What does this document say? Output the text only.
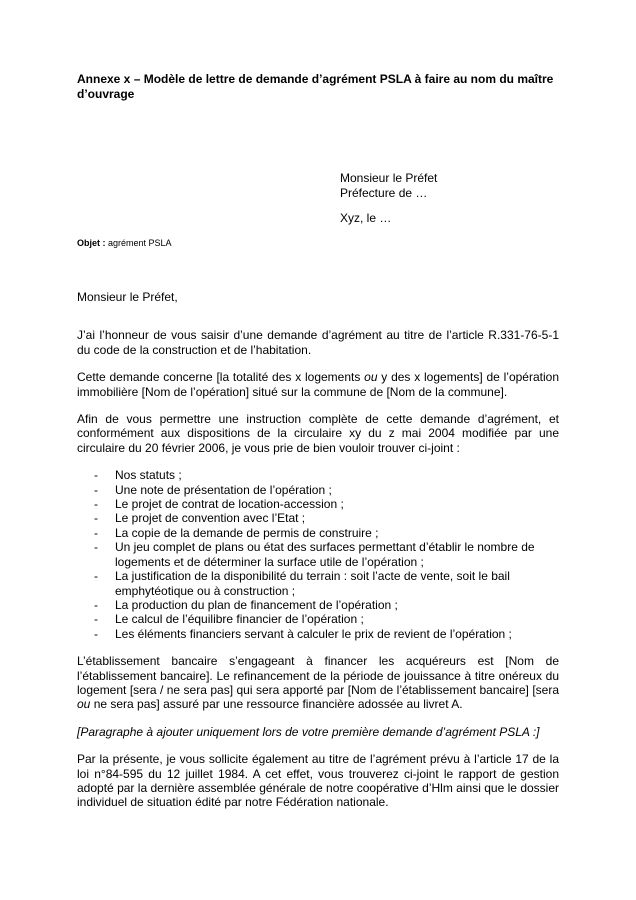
Annexe x – Modèle de lettre de demande d’agrément PSLA à faire au nom du maître d’ouvrage
Monsieur le Préfet
Préfecture de …
Xyz, le …
Objet : agrément PSLA

Monsieur le Préfet,

J’ai l’honneur de vous saisir d’une demande d’agrément au titre de l’article R.331-76-5-1 du code de la construction et de l’habitation.

Cette demande concerne [la totalité des x logements ou y des x logements] de l’opération immobilière [Nom de l’opération] situé sur la commune de [Nom de la commune].

Afin de vous permettre une instruction complète de cette demande d’agrément, et conformément aux dispositions de la circulaire xy du z mai 2004 modifiée par une circulaire du 20 février 2006, je vous prie de bien vouloir trouver ci-joint :

- Nos statuts ;
- Une note de présentation de l’opération ;
- Le projet de contrat de location-accession ;
- Le projet de convention avec l’Etat ;
- La copie de la demande de permis de construire ;
- Un jeu complet de plans ou état des surfaces permettant d’établir le nombre de logements et de déterminer la surface utile de l’opération ;
- La justification de la disponibilité du terrain : soit l’acte de vente, soit le bail emphytéotique ou à construction ;
- La production du plan de financement de l’opération ;
- Le calcul de l’équilibre financier de l’opération ;
- Les éléments financiers servant à calculer le prix de revient de l’opération ;

L’établissement bancaire s’engageant à financer les acquéreurs est [Nom de l’établissement bancaire]. Le refinancement de la période de jouissance à titre onéreux du logement [sera / ne sera pas] qui sera apporté par [Nom de l’établissement bancaire] [sera ou ne sera pas] assuré par une ressource financière adossée au livret A.

[Paragraphe à ajouter uniquement lors de votre première demande d’agrément PSLA :]

Par la présente, je vous sollicite également au titre de l’agrément prévu à l’article 17 de la loi n°84-595 du 12 juillet 1984. A cet effet, vous trouverez ci-joint le rapport de gestion adopté par la dernière assemblée générale de notre coopérative d’Hlm ainsi que le dossier individuel de situation édité par notre Fédération nationale.
